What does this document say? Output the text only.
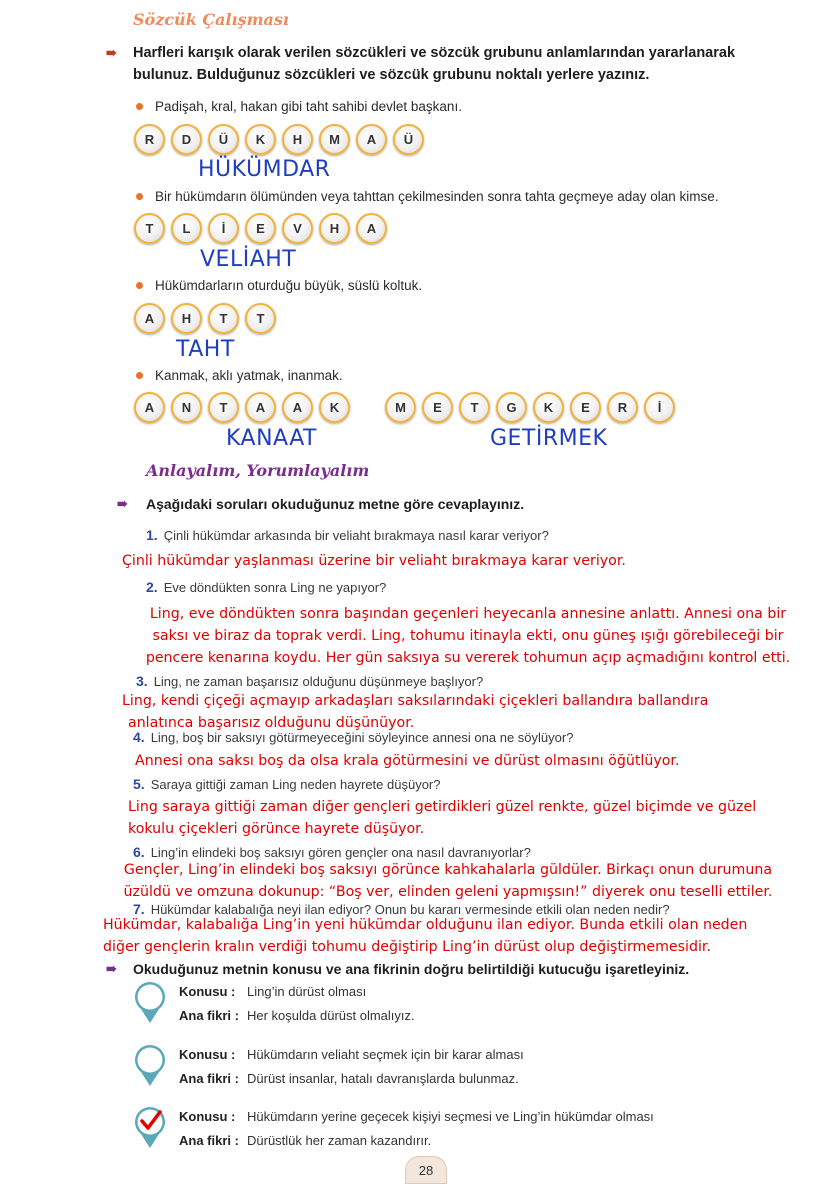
Sözcük Çalışması
➠ Harfleri karışık olarak verilen sözcükleri ve sözcük grubunu anlamlarından yararlanarak
bulunuz. Bulduğunuz sözcükleri ve sözcük grubunu noktalı yerlere yazınız.
Padişah, kral, hakan gibi taht sahibi devlet başkanı.
R	D	Ü	K	H	M	A	Ü
HÜKÜMDAR
Bir hükümdarın ölümünden veya tahttan çekilmesinden sonra tahta geçmeye aday olan kimse.
T	L	İ	E	V	H	A
VELİAHT
Hükümdarların oturduğu büyük, süslü koltuk.
A	H	T	T
TAHT
Kanmak, aklı yatmak, inanmak.
A	N	T	A	A	K	M	E	T	G	K	E	R	İ
KANAAT	GETİRMEK
Anlayalım, Yorumlayalım
➠ Aşağıdaki soruları okuduğunuz metne göre cevaplayınız.
1. Çinli hükümdar arkasında bir veliaht bırakmaya nasıl karar veriyor?
Çinli hükümdar yaşlanması üzerine bir veliaht bırakmaya karar veriyor.
2. Eve döndükten sonra Ling ne yapıyor?
Ling, eve döndükten sonra başından geçenleri heyecanla annesine anlattı. Annesi ona bir
saksı ve biraz da toprak verdi. Ling, tohumu itinayla ekti, onu güneş ışığı görebileceği bir
pencere kenarına koydu. Her gün saksıya su vererek tohumun açıp açmadığını kontrol etti.
3. Ling, ne zaman başarısız olduğunu düşünmeye başlıyor?
Ling, kendi çiçeği açmayıp arkadaşları saksılarındaki çiçekleri ballandıra ballandıra
anlatınca başarısız olduğunu düşünüyor.
4. Ling, boş bir saksıyı götürmeyeceğini söyleyince annesi ona ne söylüyor?
Annesi ona saksı boş da olsa krala götürmesini ve dürüst olmasını öğütlüyor.
5. Saraya gittiği zaman Ling neden hayrete düşüyor?
Ling saraya gittiği zaman diğer gençleri getirdikleri güzel renkte, güzel biçimde ve güzel
kokulu çiçekleri görünce hayrete düşüyor.
6. Ling’in elindeki boş saksıyı gören gençler ona nasıl davranıyorlar?
Gençler, Ling’in elindeki boş saksıyı görünce kahkahalarla güldüler. Birkaçı onun durumuna
üzüldü ve omzuna dokunup: “Boş ver, elinden geleni yapmışsın!” diyerek onu teselli ettiler.
7. Hükümdar kalabalığa neyi ilan ediyor? Onun bu kararı vermesinde etkili olan neden nedir?
Hükümdar, kalabalığa Ling’in yeni hükümdar olduğunu ilan ediyor. Bunda etkili olan neden
diğer gençlerin kralın verdiği tohumu değiştirip Ling’in dürüst olup değiştirmemesidir.
➠ Okuduğunuz metnin konusu ve ana fikrinin doğru belirtildiği kutucuğu işaretleyiniz.
Konusu : Ling’in dürüst olması
Ana fikri : Her koşulda dürüst olmalıyız.
Konusu : Hükümdarın veliaht seçmek için bir karar alması
Ana fikri : Dürüst insanlar, hatalı davranışlarda bulunmaz.
Konusu : Hükümdarın yerine geçecek kişiyi seçmesi ve Ling’in hükümdar olması
Ana fikri : Dürüstlük her zaman kazandırır.
28
